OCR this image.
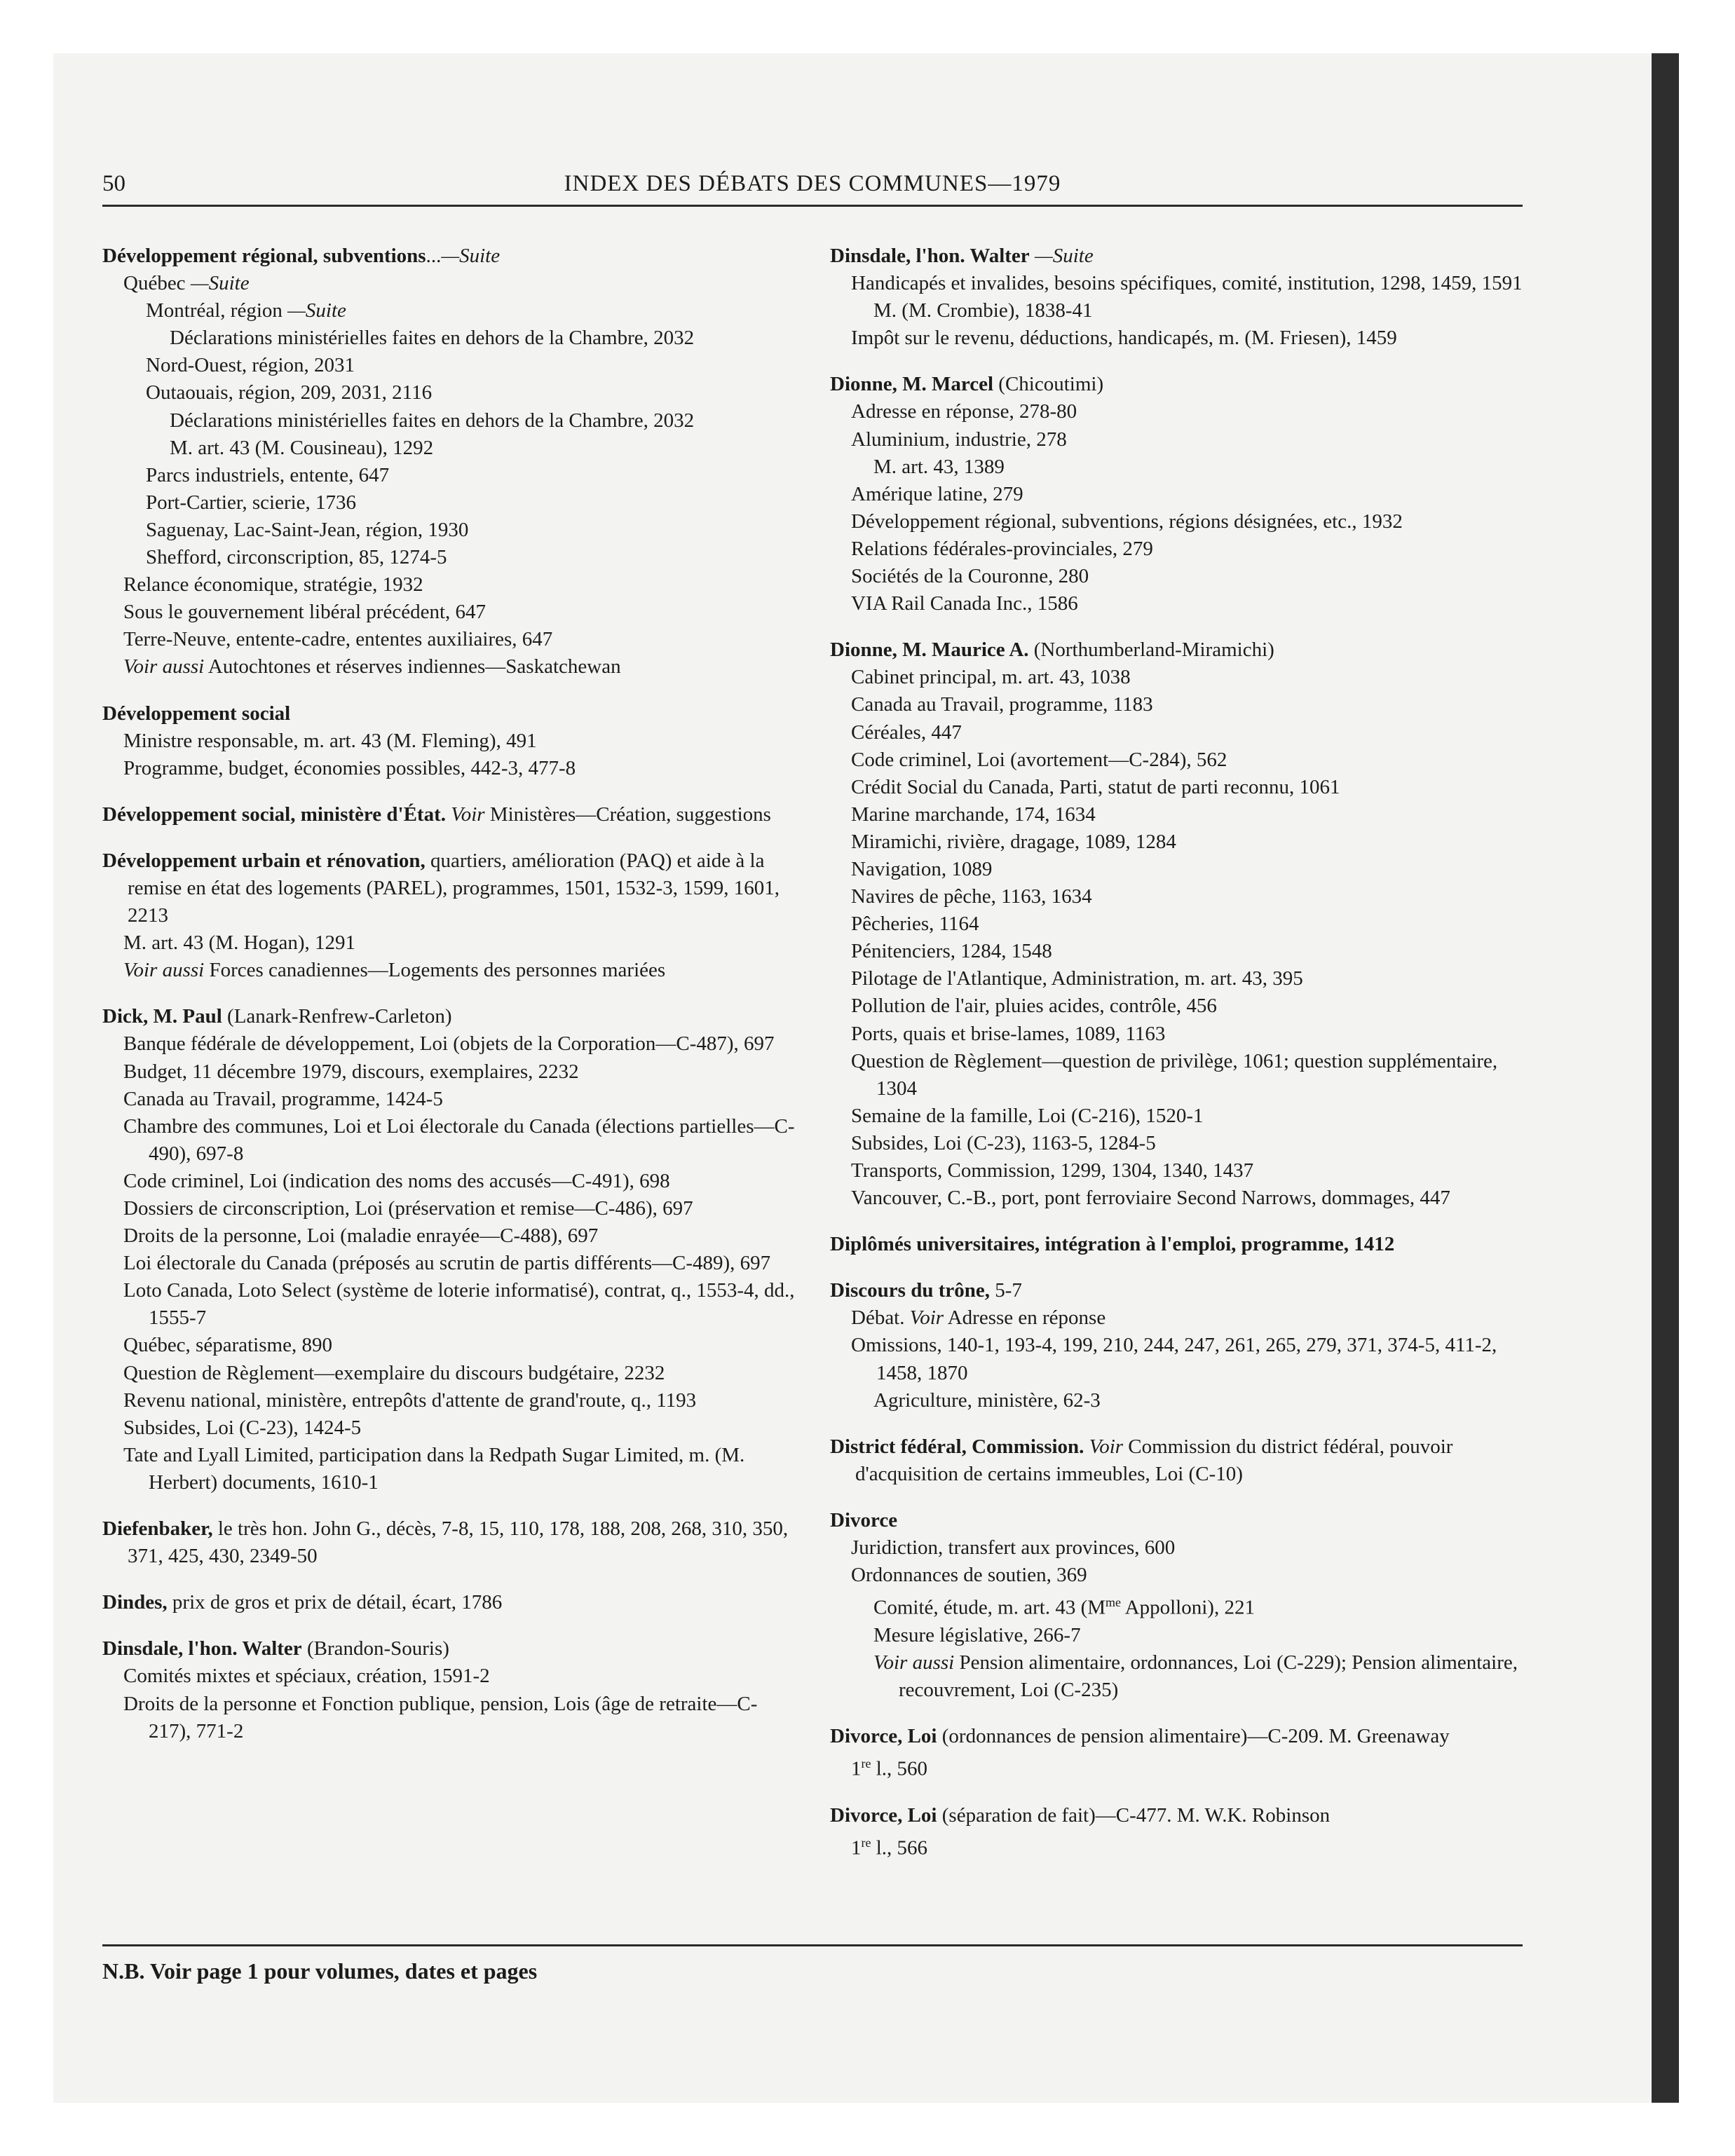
50	INDEX DES DÉBATS DES COMMUNES—1979
Développement régional, subventions...—Suite
Québec —Suite
Montréal, région —Suite
Déclarations ministérielles faites en dehors de la Chambre, 2032
Nord-Ouest, région, 2031
Outaouais, région, 209, 2031, 2116
Déclarations ministérielles faites en dehors de la Chambre, 2032
M. art. 43 (M. Cousineau), 1292
Parcs industriels, entente, 647
Port-Cartier, scierie, 1736
Saguenay, Lac-Saint-Jean, région, 1930
Shefford, circonscription, 85, 1274-5
Relance économique, stratégie, 1932
Sous le gouvernement libéral précédent, 647
Terre-Neuve, entente-cadre, ententes auxiliaires, 647
Voir aussi Autochtones et réserves indiennes—Saskatchewan
Développement social
Ministre responsable, m. art. 43 (M. Fleming), 491
Programme, budget, économies possibles, 442-3, 477-8
Développement social, ministère d'État. Voir Ministères—Création, suggestions
Développement urbain et rénovation, quartiers, amélioration (PAQ) et aide à la remise en état des logements (PAREL), programmes, 1501, 1532-3, 1599, 1601, 2213
M. art. 43 (M. Hogan), 1291
Voir aussi Forces canadiennes—Logements des personnes mariées
Dick, M. Paul (Lanark-Renfrew-Carleton)
Banque fédérale de développement, Loi (objets de la Corporation—C-487), 697
Budget, 11 décembre 1979, discours, exemplaires, 2232
Canada au Travail, programme, 1424-5
Chambre des communes, Loi et Loi électorale du Canada (élections partielles—C-490), 697-8
Code criminel, Loi (indication des noms des accusés—C-491), 698
Dossiers de circonscription, Loi (préservation et remise—C-486), 697
Droits de la personne, Loi (maladie enrayée—C-488), 697
Loi électorale du Canada (préposés au scrutin de partis différents—C-489), 697
Loto Canada, Loto Select (système de loterie informatisé), contrat, q., 1553-4, dd., 1555-7
Québec, séparatisme, 890
Question de Règlement—exemplaire du discours budgétaire, 2232
Revenu national, ministère, entrepôts d'attente de grand'route, q., 1193
Subsides, Loi (C-23), 1424-5
Tate and Lyall Limited, participation dans la Redpath Sugar Limited, m. (M. Herbert) documents, 1610-1
Diefenbaker, le très hon. John G., décès, 7-8, 15, 110, 178, 188, 208, 268, 310, 350, 371, 425, 430, 2349-50
Dindes, prix de gros et prix de détail, écart, 1786
Dinsdale, l'hon. Walter (Brandon-Souris)
Comités mixtes et spéciaux, création, 1591-2
Droits de la personne et Fonction publique, pension, Lois (âge de retraite—C-217), 771-2
Dinsdale, l'hon. Walter —Suite
Handicapés et invalides, besoins spécifiques, comité, institution, 1298, 1459, 1591
M. (M. Crombie), 1838-41
Impôt sur le revenu, déductions, handicapés, m. (M. Friesen), 1459
Dionne, M. Marcel (Chicoutimi)
Adresse en réponse, 278-80
Aluminium, industrie, 278
M. art. 43, 1389
Amérique latine, 279
Développement régional, subventions, régions désignées, etc., 1932
Relations fédérales-provinciales, 279
Sociétés de la Couronne, 280
VIA Rail Canada Inc., 1586
Dionne, M. Maurice A. (Northumberland-Miramichi)
Cabinet principal, m. art. 43, 1038
Canada au Travail, programme, 1183
Céréales, 447
Code criminel, Loi (avortement—C-284), 562
Crédit Social du Canada, Parti, statut de parti reconnu, 1061
Marine marchande, 174, 1634
Miramichi, rivière, dragage, 1089, 1284
Navigation, 1089
Navires de pêche, 1163, 1634
Pêcheries, 1164
Pénitenciers, 1284, 1548
Pilotage de l'Atlantique, Administration, m. art. 43, 395
Pollution de l'air, pluies acides, contrôle, 456
Ports, quais et brise-lames, 1089, 1163
Question de Règlement—question de privilège, 1061; question supplémentaire, 1304
Semaine de la famille, Loi (C-216), 1520-1
Subsides, Loi (C-23), 1163-5, 1284-5
Transports, Commission, 1299, 1304, 1340, 1437
Vancouver, C.-B., port, pont ferroviaire Second Narrows, dommages, 447
Diplômés universitaires, intégration à l'emploi, programme, 1412
Discours du trône, 5-7
Débat. Voir Adresse en réponse
Omissions, 140-1, 193-4, 199, 210, 244, 247, 261, 265, 279, 371, 374-5, 411-2, 1458, 1870
Agriculture, ministère, 62-3
District fédéral, Commission. Voir Commission du district fédéral, pouvoir d'acquisition de certains immeubles, Loi (C-10)
Divorce
Juridiction, transfert aux provinces, 600
Ordonnances de soutien, 369
Comité, étude, m. art. 43 ($M^{me}$ Appolloni), 221
Mesure législative, 266-7
Voir aussi Pension alimentaire, ordonnances, Loi (C-229); Pension alimentaire, recouvrement, Loi (C-235)
Divorce, Loi (ordonnances de pension alimentaire)—C-209. M. Greenaway
1re l., 560
Divorce, Loi (séparation de fait)—C-477. M. W.K. Robinson
1re l., 566
N.B. Voir page 1 pour volumes, dates et pages
